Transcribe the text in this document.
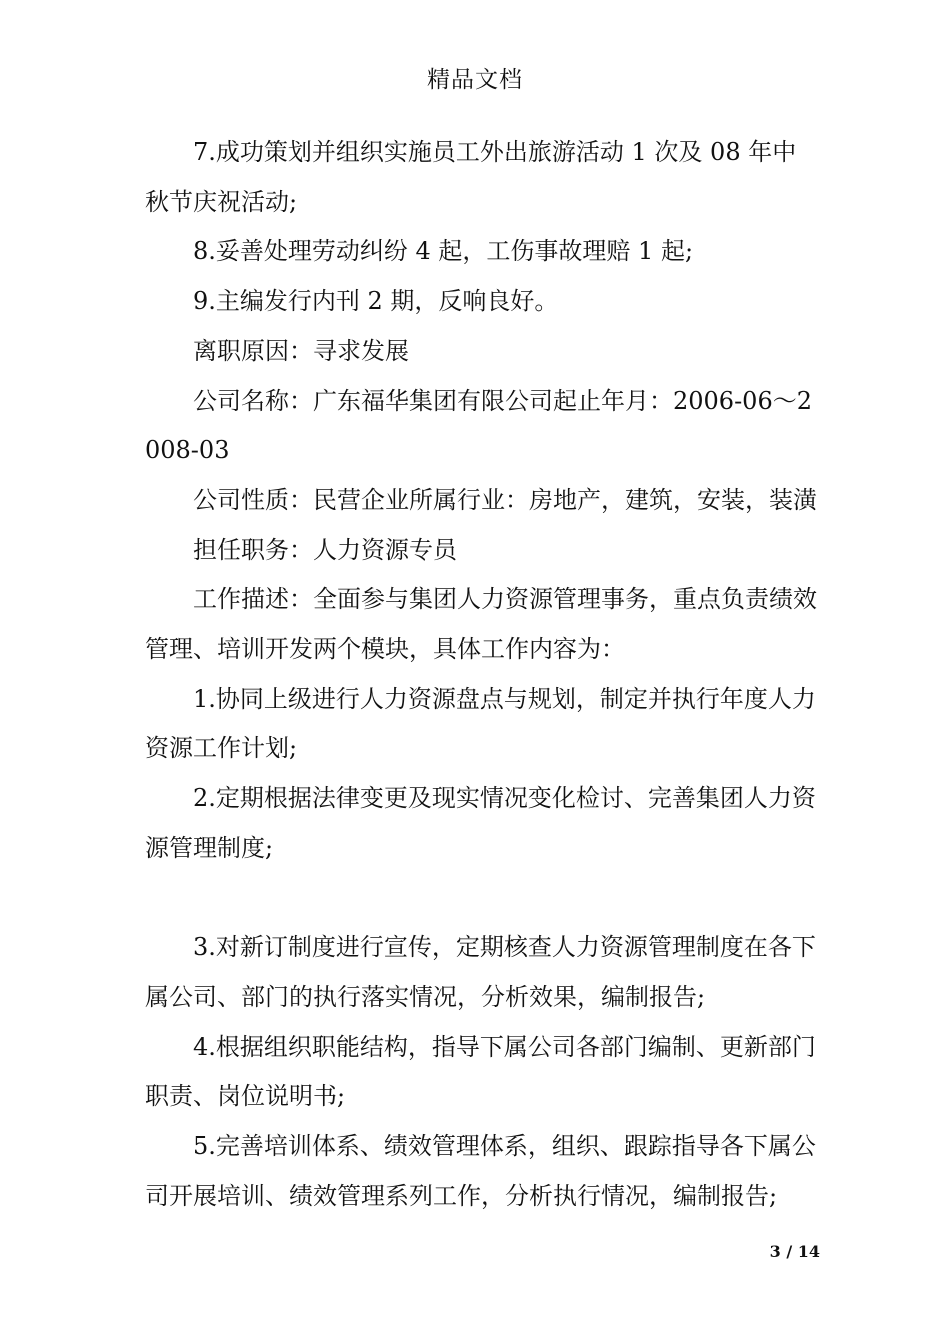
精品文档

7.成功策划并组织实施员工外出旅游活动 1 次及 08 年中秋节庆祝活动;

8.妥善处理劳动纠纷 4 起，工伤事故理赔 1 起;

9.主编发行内刊 2 期，反响良好。

离职原因：寻求发展

公司名称：广东福华集团有限公司起止年月：2006-06～2008-03

公司性质：民营企业所属行业：房地产，建筑，安装，装潢

担任职务：人力资源专员

工作描述：全面参与集团人力资源管理事务，重点负责绩效管理、培训开发两个模块，具体工作内容为：

1.协同上级进行人力资源盘点与规划，制定并执行年度人力资源工作计划;

2.定期根据法律变更及现实情况变化检讨、完善集团人力资源管理制度;

3.对新订制度进行宣传，定期核查人力资源管理制度在各下属公司、部门的执行落实情况，分析效果，编制报告;

4.根据组织职能结构，指导下属公司各部门编制、更新部门职责、岗位说明书;

5.完善培训体系、绩效管理体系，组织、跟踪指导各下属公司开展培训、绩效管理系列工作，分析执行情况，编制报告;

3 / 14
